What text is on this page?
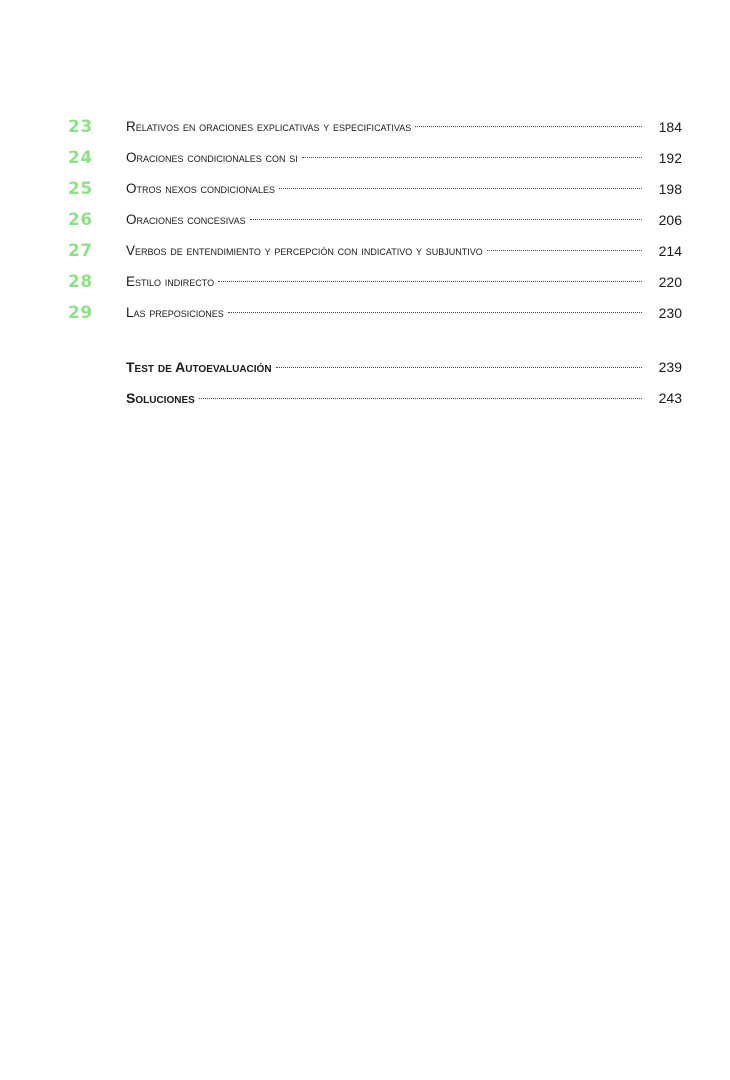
23	Relativos en oraciones explicativas y especificativas	184
24	Oraciones condicionales con si	192
25	Otros nexos condicionales	198
26	Oraciones concesivas	206
27	Verbos de entendimiento y percepción con indicativo y subjuntivo	214
28	Estilo indirecto	220
29	Las preposiciones	230
Test de Autoevaluación	239
Soluciones	243
